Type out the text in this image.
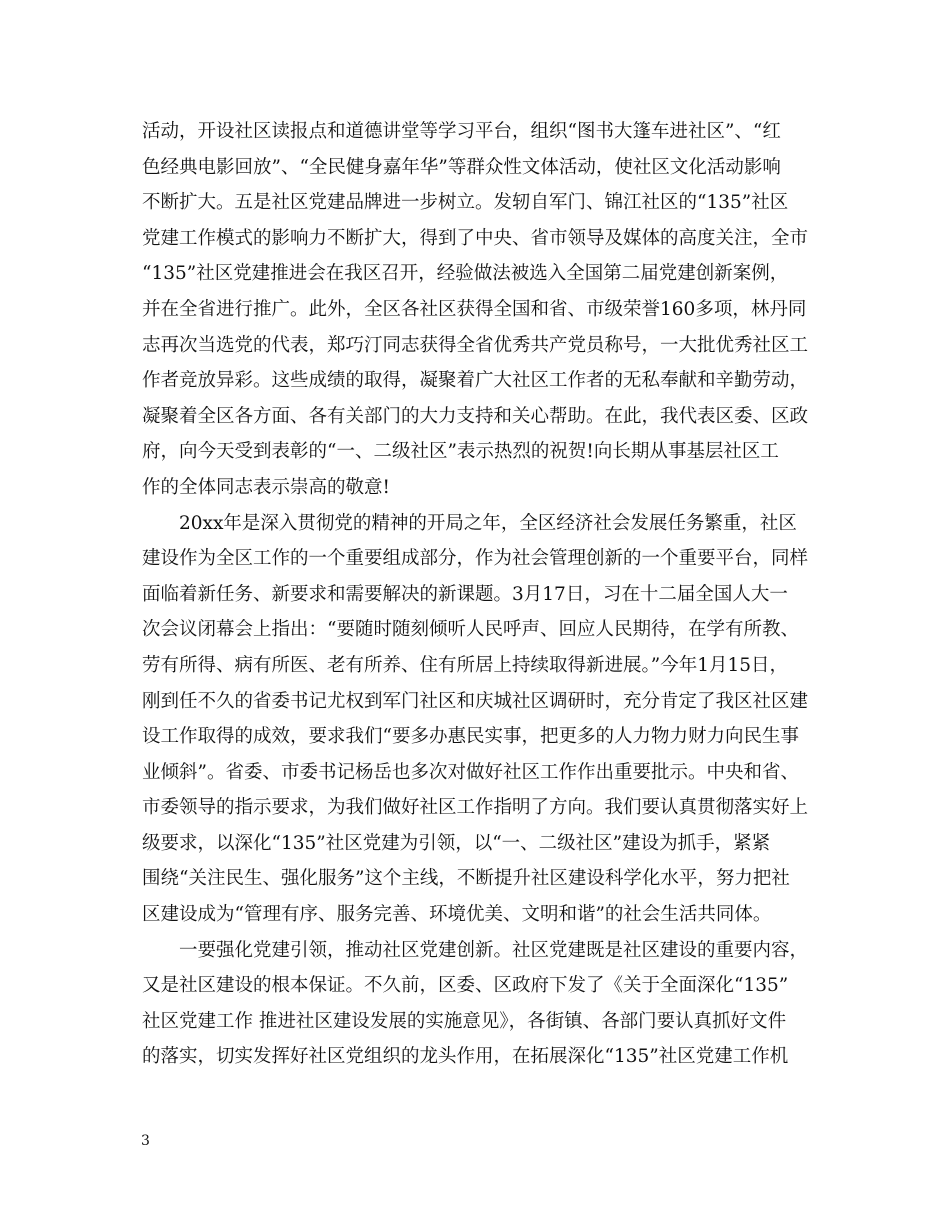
活动，开设社区读报点和道德讲堂等学习平台，组织“图书大篷车进社区”、“红
色经典电影回放”、“全民健身嘉年华”等群众性文体活动，使社区文化活动影响
不断扩大。五是社区党建品牌进一步树立。发轫自军门、锦江社区的“135”社区
党建工作模式的影响力不断扩大，得到了中央、省市领导及媒体的高度关注，全市
“135”社区党建推进会在我区召开，经验做法被选入全国第二届党建创新案例，
并在全省进行推广。此外，全区各社区获得全国和省、市级荣誉160多项，林丹同
志再次当选党的代表，郑巧汀同志获得全省优秀共产党员称号，一大批优秀社区工
作者竞放异彩。这些成绩的取得，凝聚着广大社区工作者的无私奉献和辛勤劳动，
凝聚着全区各方面、各有关部门的大力支持和关心帮助。在此，我代表区委、区政
府，向今天受到表彰的“一、二级社区”表示热烈的祝贺!向长期从事基层社区工
作的全体同志表示崇高的敬意!
　　20xx年是深入贯彻党的精神的开局之年，全区经济社会发展任务繁重，社区
建设作为全区工作的一个重要组成部分，作为社会管理创新的一个重要平台，同样
面临着新任务、新要求和需要解决的新课题。3月17日，习在十二届全国人大一
次会议闭幕会上指出：“要随时随刻倾听人民呼声、回应人民期待，在学有所教、
劳有所得、病有所医、老有所养、住有所居上持续取得新进展。”今年1月15日，
刚到任不久的省委书记尤权到军门社区和庆城社区调研时，充分肯定了我区社区建
设工作取得的成效，要求我们“要多办惠民实事，把更多的人力物力财力向民生事
业倾斜”。省委、市委书记杨岳也多次对做好社区工作作出重要批示。中央和省、
市委领导的指示要求，为我们做好社区工作指明了方向。我们要认真贯彻落实好上
级要求，以深化“135”社区党建为引领，以“一、二级社区”建设为抓手，紧紧
围绕“关注民生、强化服务”这个主线，不断提升社区建设科学化水平，努力把社
区建设成为“管理有序、服务完善、环境优美、文明和谐”的社会生活共同体。
　　一要强化党建引领，推动社区党建创新。社区党建既是社区建设的重要内容，
又是社区建设的根本保证。不久前，区委、区政府下发了《关于全面深化“135”
社区党建工作 推进社区建设发展的实施意见》，各街镇、各部门要认真抓好文件
的落实，切实发挥好社区党组织的龙头作用，在拓展深化“135”社区党建工作机
3
